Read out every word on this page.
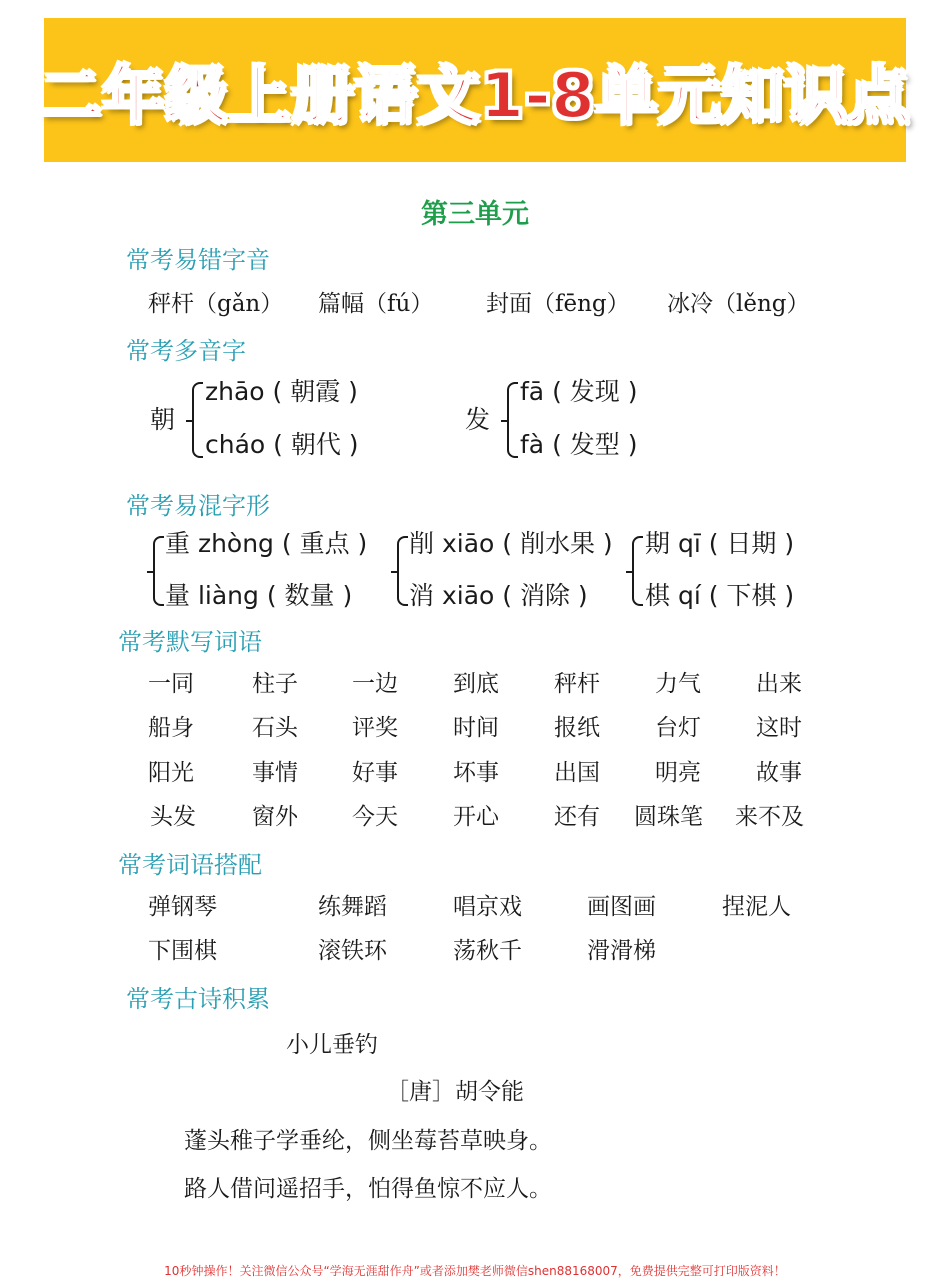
二年级上册语文1-8单元知识点
第三单元
常考易错字音
秤杆（gǎn） 篇幅（fú） 封面（fēng） 冰冷（lěng）
常考多音字
朝
zhāo ( 朝霞 )
cháo ( 朝代 )
发
fā ( 发现 )
fà ( 发型 )
常考易混字形
重 zhòng ( 重点 )
量 liàng ( 数量 )
削 xiāo ( 削水果 )
消 xiāo ( 消除 )
期 qī ( 日期 )
棋 qí ( 下棋 )
常考默写词语
一同	柱子 一边 到底 秤杆 力气 出来
船身	石头 评奖 时间 报纸 台灯 这时
阳光	事情 好事 坏事 出国 明亮 故事
头发 窗外 今天 开心 还有 圆珠笔 来不及
常考词语搭配
弹钢琴	练舞蹈	唱京戏	画图画	捏泥人
下围棋	滚铁环	荡秋千	滑滑梯
常考古诗积累
小儿垂钓
［唐］胡令能
蓬头稚子学垂纶，侧坐莓苔草映身。
路人借问遥招手，怕得鱼惊不应人。
10秒钟操作！关注微信公众号“学海无涯甜作舟”或者添加樊老师微信shen88168007，免费提供完整可打印版资料！
